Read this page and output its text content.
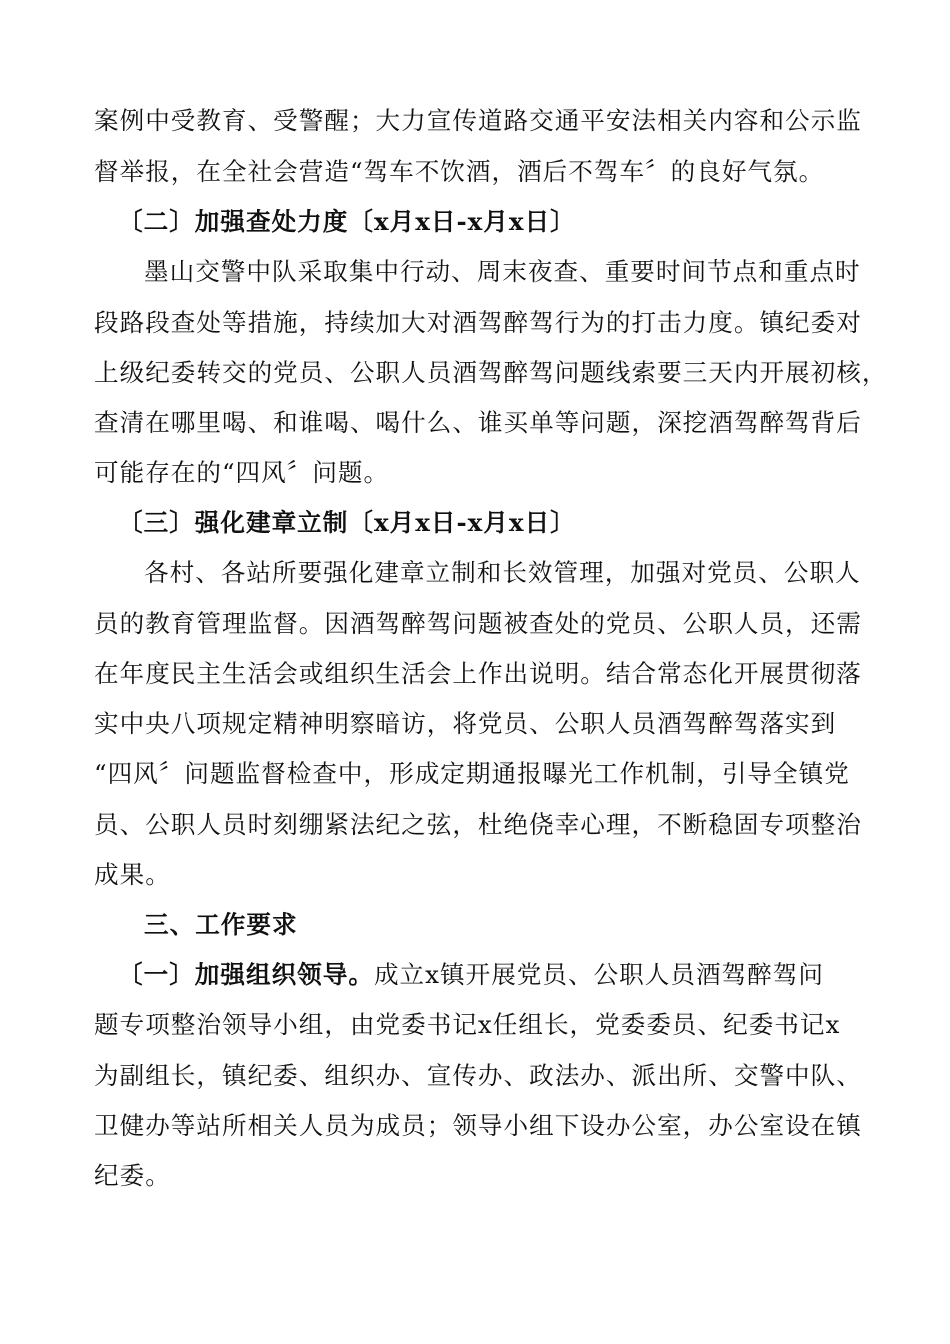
案例中受教育、受警醒；大力宣传道路交通平安法相关内容和公示监
督举报，在全社会营造“驾车不饮酒，酒后不驾车〞的良好气氛。
〔二〕加强查处力度〔x月x日-x月x日〕
墨山交警中队采取集中行动、周末夜查、重要时间节点和重点时
段路段查处等措施，持续加大对酒驾醉驾行为的打击力度。镇纪委对
上级纪委转交的党员、公职人员酒驾醉驾问题线索要三天内开展初核，
查清在哪里喝、和谁喝、喝什么、谁买单等问题，深挖酒驾醉驾背后
可能存在的“四风〞问题。
〔三〕强化建章立制〔x月x日-x月x日〕
各村、各站所要强化建章立制和长效管理，加强对党员、公职人
员的教育管理监督。因酒驾醉驾问题被查处的党员、公职人员，还需
在年度民主生活会或组织生活会上作出说明。结合常态化开展贯彻落
实中央八项规定精神明察暗访，将党员、公职人员酒驾醉驾落实到
“四风〞问题监督检查中，形成定期通报曝光工作机制，引导全镇党
员、公职人员时刻绷紧法纪之弦，杜绝侥幸心理，不断稳固专项整治
成果。
三、工作要求
〔一〕加强组织领导。成立x镇开展党员、公职人员酒驾醉驾问
题专项整治领导小组，由党委书记x任组长，党委委员、纪委书记x
为副组长，镇纪委、组织办、宣传办、政法办、派出所、交警中队、
卫健办等站所相关人员为成员；领导小组下设办公室，办公室设在镇
纪委。
